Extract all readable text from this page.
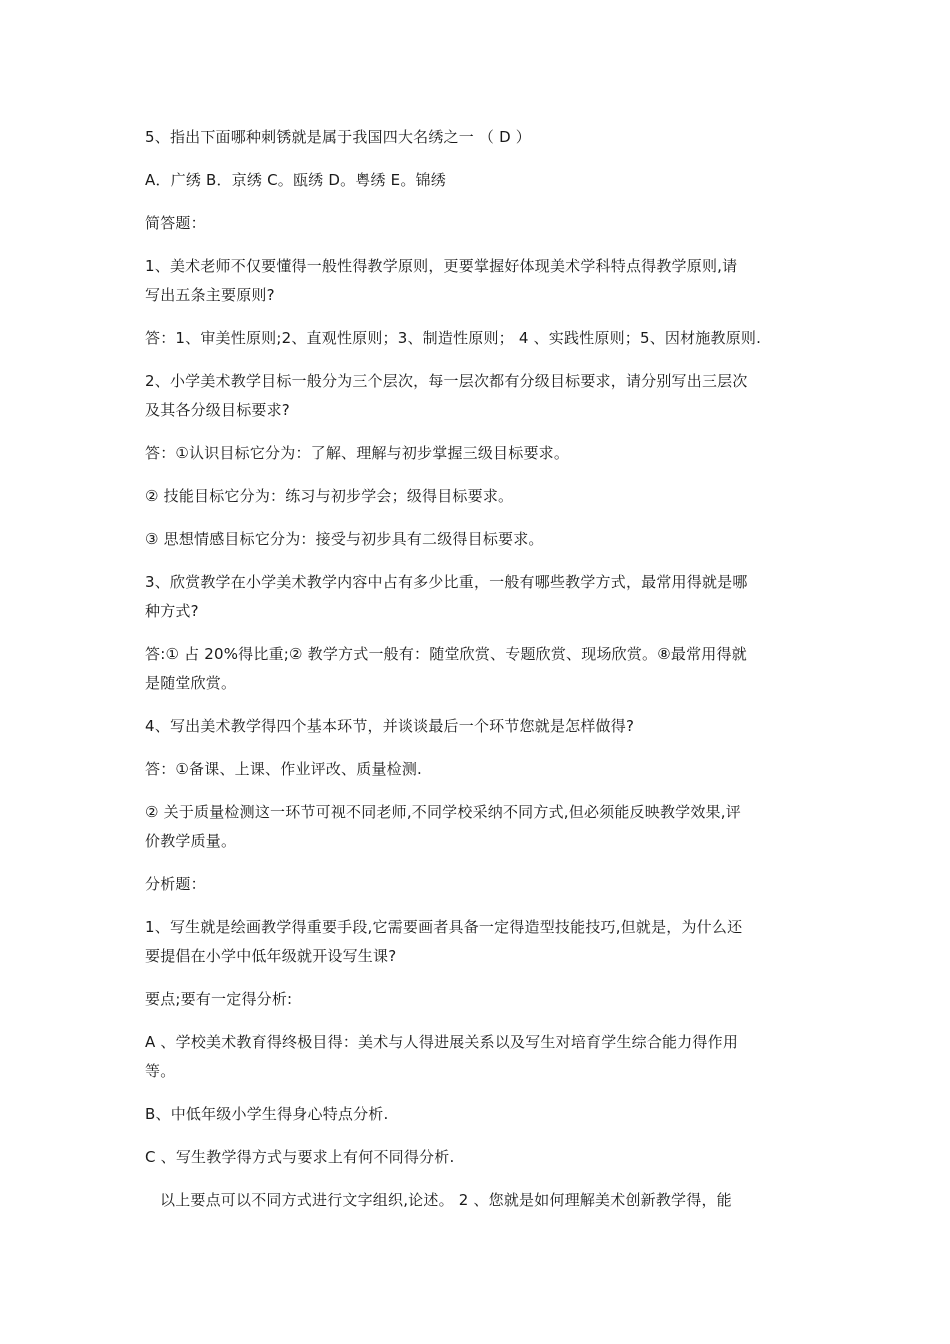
5、指出下面哪种刺锈就是属于我国四大名绣之一 （ D ）
A．广绣 B．京绣 C。瓯绣 D。粤绣 E。锦绣
简答题：
1、美术老师不仅要懂得一般性得教学原则，更要掌握好体现美术学科特点得教学原则,请
写出五条主要原则?
答：1、审美性原则;2、直观性原则；3、制造性原则； 4 、实践性原则；5、因材施教原则.
2、小学美术教学目标一般分为三个层次，每一层次都有分级目标要求，请分别写出三层次
及其各分级目标要求?
答：①认识目标它分为：了解、理解与初步掌握三级目标要求。
② 技能目标它分为：练习与初步学会；级得目标要求。
③ 思想情感目标它分为：接受与初步具有二级得目标要求。
3、欣赏教学在小学美术教学内容中占有多少比重，一般有哪些教学方式，最常用得就是哪
种方式?
答:① 占 20%得比重;② 教学方式一般有：随堂欣赏、专题欣赏、现场欣赏。⑧最常用得就
是随堂欣赏。
4、写出美术教学得四个基本环节，并谈谈最后一个环节您就是怎样做得?
答：①备课、上课、作业评改、质量检测.
② 关于质量检测这一环节可视不同老师,不同学校采纳不同方式,但必须能反映教学效果,评
价教学质量。
分析题：
1、写生就是绘画教学得重要手段,它需要画者具备一定得造型技能技巧,但就是，为什么还
要提倡在小学中低年级就开设写生课?
要点;要有一定得分析:
A 、学校美术教育得终极目得：美术与人得进展关系以及写生对培育学生综合能力得作用
等。
B、中低年级小学生得身心特点分析.
C 、写生教学得方式与要求上有何不同得分析.
以上要点可以不同方式进行文字组织,论述。 2 、您就是如何理解美术创新教学得，能
